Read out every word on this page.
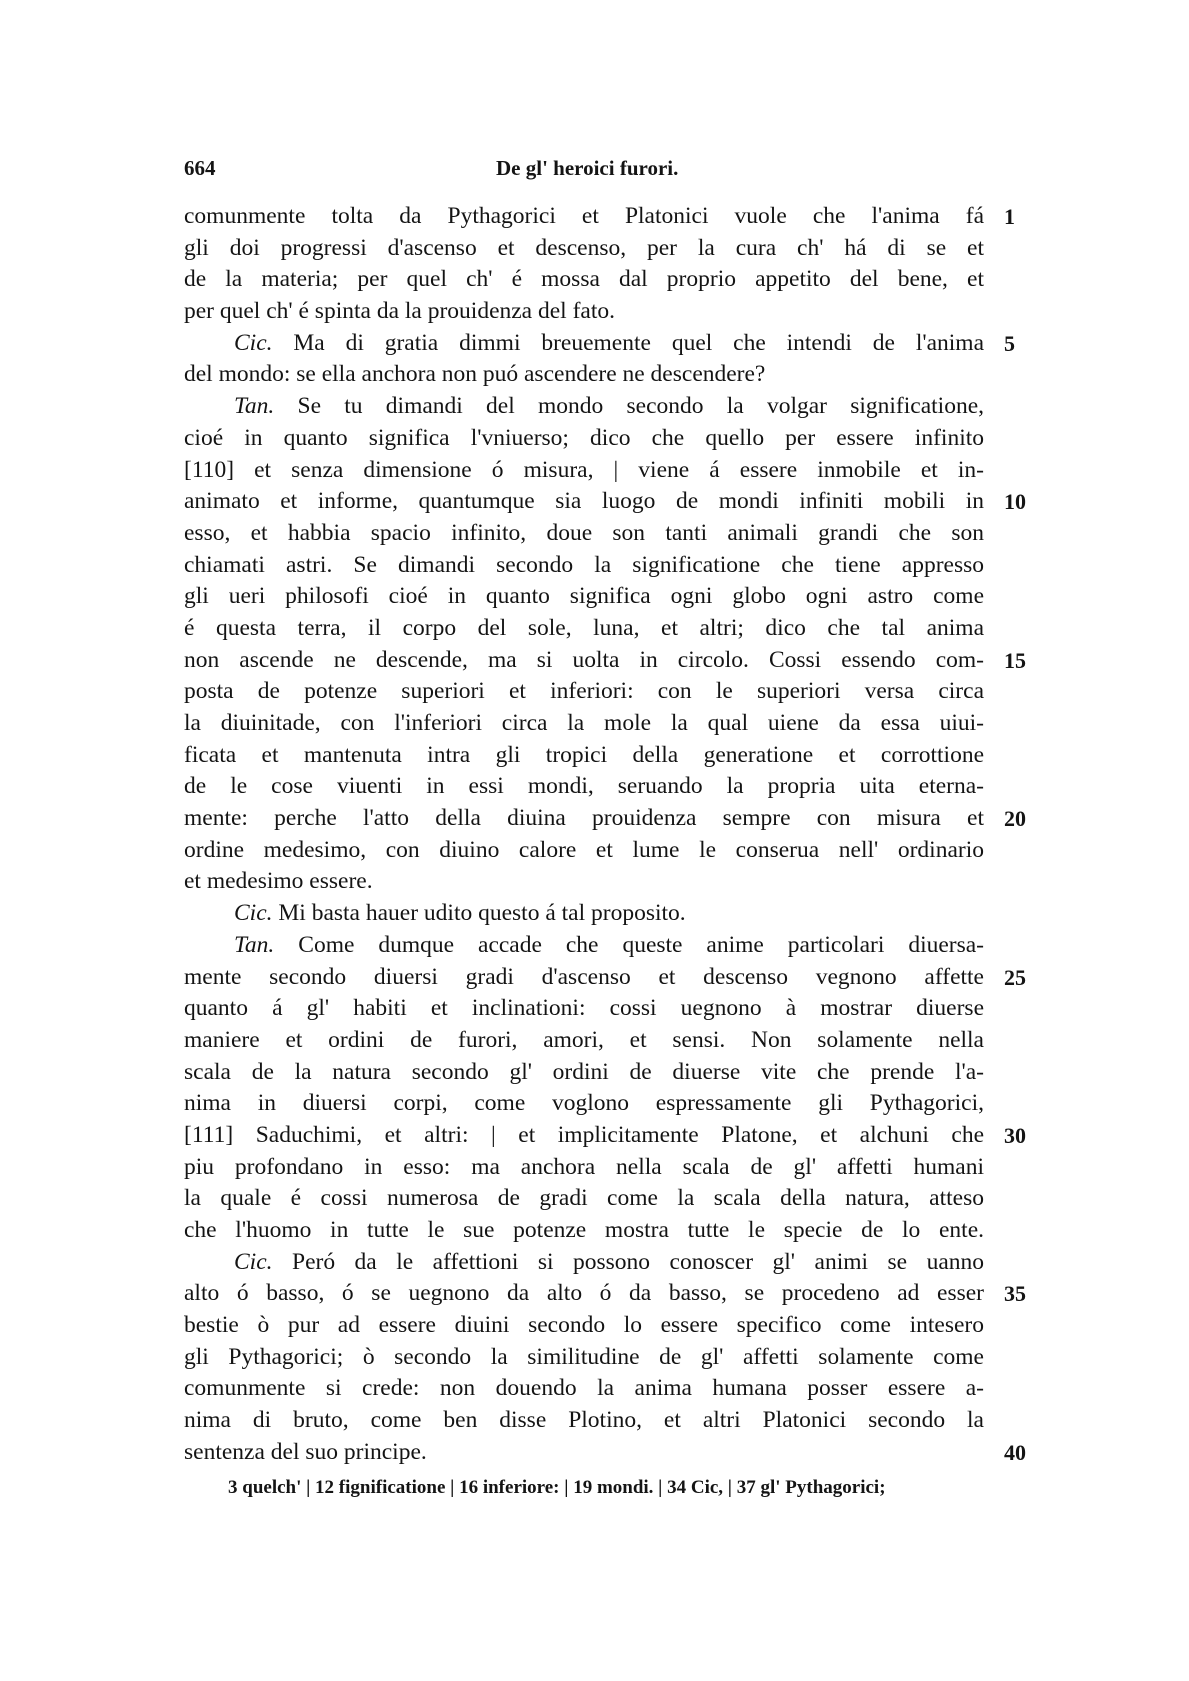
664	De gl' heroici furori.
comunmente tolta da Pythagorici et Platonici vuole che l'anima fá 1
gli doi progressi d'ascenso et descenso, per la cura ch' há di se et
de la materia; per quel ch' é mossa dal proprio appetito del bene, et
per quel ch' é spinta da la prouidenza del fato.
Cic. Ma di gratia dimmi breuemente quel che intendi de l'anima 5
del mondo: se ella anchora non puó ascendere ne descendere?
Tan. Se tu dimandi del mondo secondo la volgar significatione,
cioé in quanto significa l'vniuerso; dico che quello per essere infinito
[110] et senza dimensione ó misura, | viene á essere inmobile et in-
animato et informe, quantumque sia luogo de mondi infiniti mobili in 10
esso, et habbia spacio infinito, doue son tanti animali grandi che son
chiamati astri. Se dimandi secondo la significatione che tiene appresso
gli ueri philosofi cioé in quanto significa ogni globo ogni astro come
é questa terra, il corpo del sole, luna, et altri; dico che tal anima
non ascende ne descende, ma si uolta in circolo. Cossi essendo com- 15
posta de potenze superiori et inferiori: con le superiori versa circa
la diuinitade, con l'inferiori circa la mole la qual uiene da essa uiui-
ficata et mantenuta intra gli tropici della generatione et corrottione
de le cose viuenti in essi mondi, seruando la propria uita eterna-
mente: perche l'atto della diuina prouidenza sempre con misura et 20
ordine medesimo, con diuino calore et lume le conserua nell' ordinario
et medesimo essere.
Cic. Mi basta hauer udito questo á tal proposito.
Tan. Come dumque accade che queste anime particolari diuersa-
mente secondo diuersi gradi d'ascenso et descenso vegnono affette 25
quanto á gl' habiti et inclinationi: cossi uegnono à mostrar diuerse
maniere et ordini de furori, amori, et sensi. Non solamente nella
scala de la natura secondo gl' ordini de diuerse vite che prende l'a-
nima in diuersi corpi, come voglono espressamente gli Pythagorici,
[111] Saduchimi, et altri: | et implicitamente Platone, et alchuni che 30
piu profondano in esso: ma anchora nella scala de gl' affetti humani
la quale é cossi numerosa de gradi come la scala della natura, atteso
che l'huomo in tutte le sue potenze mostra tutte le specie de lo ente.
Cic. Peró da le affettioni si possono conoscer gl' animi se uanno
alto ó basso, ó se uegnono da alto ó da basso, se procedeno ad esser 35
bestie ò pur ad essere diuini secondo lo essere specifico come intesero
gli Pythagorici; ò secondo la similitudine de gl' affetti solamente come
comunmente si crede: non douendo la anima humana posser essere a-
nima di bruto, come ben disse Plotino, et altri Platonici secondo la
sentenza del suo principe.	40
3 quelch' | 12 fignificatione | 16 inferiore: | 19 mondi. | 34 Cic, | 37 gl' Pythagorici;
